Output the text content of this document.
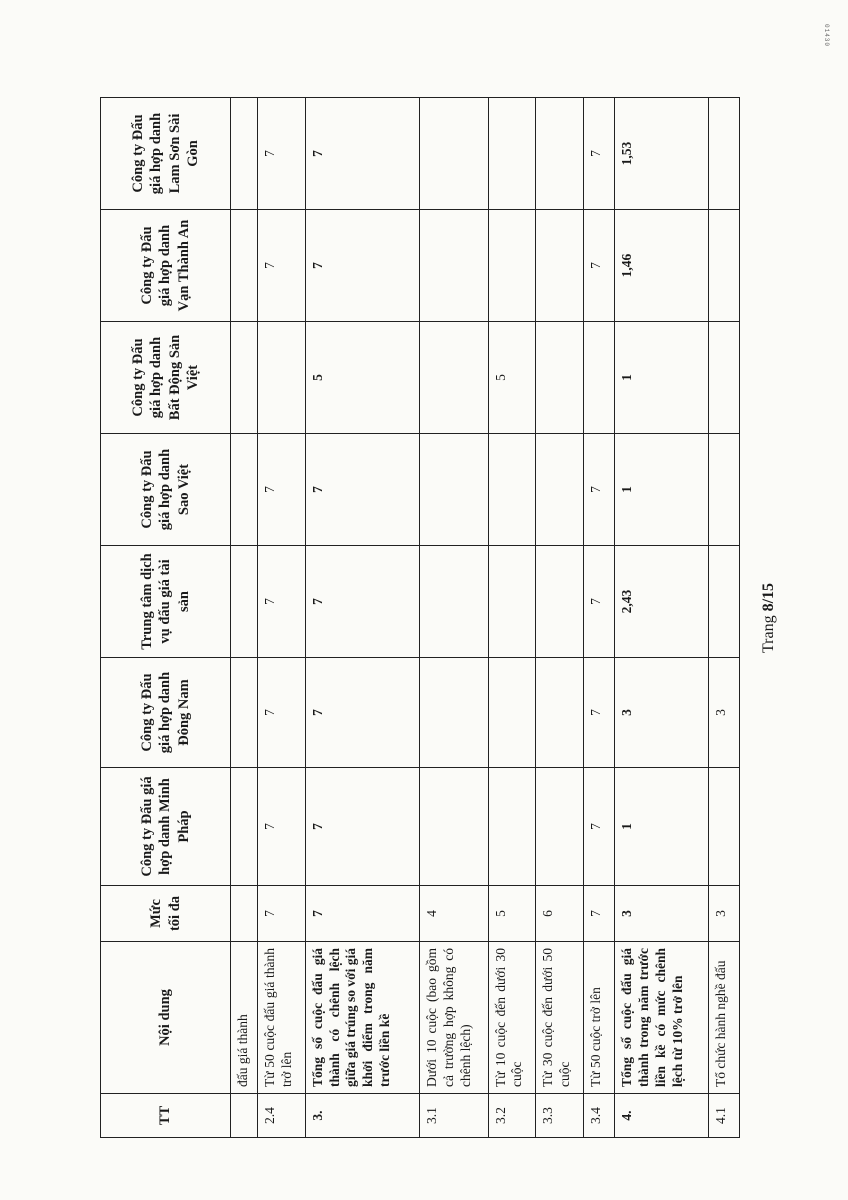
01430
TT	Nội dung	Mức tối đa	Công ty Đấu giá hợp danh Minh Pháp	Công ty Đấu giá hợp danh Đông Nam	Trung tâm dịch vụ đấu giá tài sản	Công ty Đấu giá hợp danh Sao Việt	Công ty Đấu giá hợp danh Bất Động Sản Việt	Công ty Đấu giá hợp danh Vạn Thành An	Công ty Đấu giá hợp danh Lam Sơn Sài Gòn
	đấu giá thành								
2.4	Từ 50 cuộc đấu giá thành trở lên	7	7	7	7	7		7	7
3.	Tổng số cuộc đấu giá thành có chênh lệch giữa giá trúng so với giá khởi điểm trong năm trước liền kề	7	7	7	7	7	5	7	7
3.1	Dưới 10 cuộc (bao gồm cả trường hợp không có chênh lệch)	4							
3.2	Từ 10 cuộc đến dưới 30 cuộc	5					5		
3.3	Từ 30 cuộc đến dưới 50 cuộc	6							
3.4	Từ 50 cuộc trở lên	7	7	7	7	7		7	7
4.	Tổng số cuộc đấu giá thành trong năm trước liền kề có mức chênh lệch từ 10% trở lên	3	1	3	2,43	1	1	1,46	1,53
4.1	Tổ chức hành nghề đấu	3		3					
Trang 8/15
